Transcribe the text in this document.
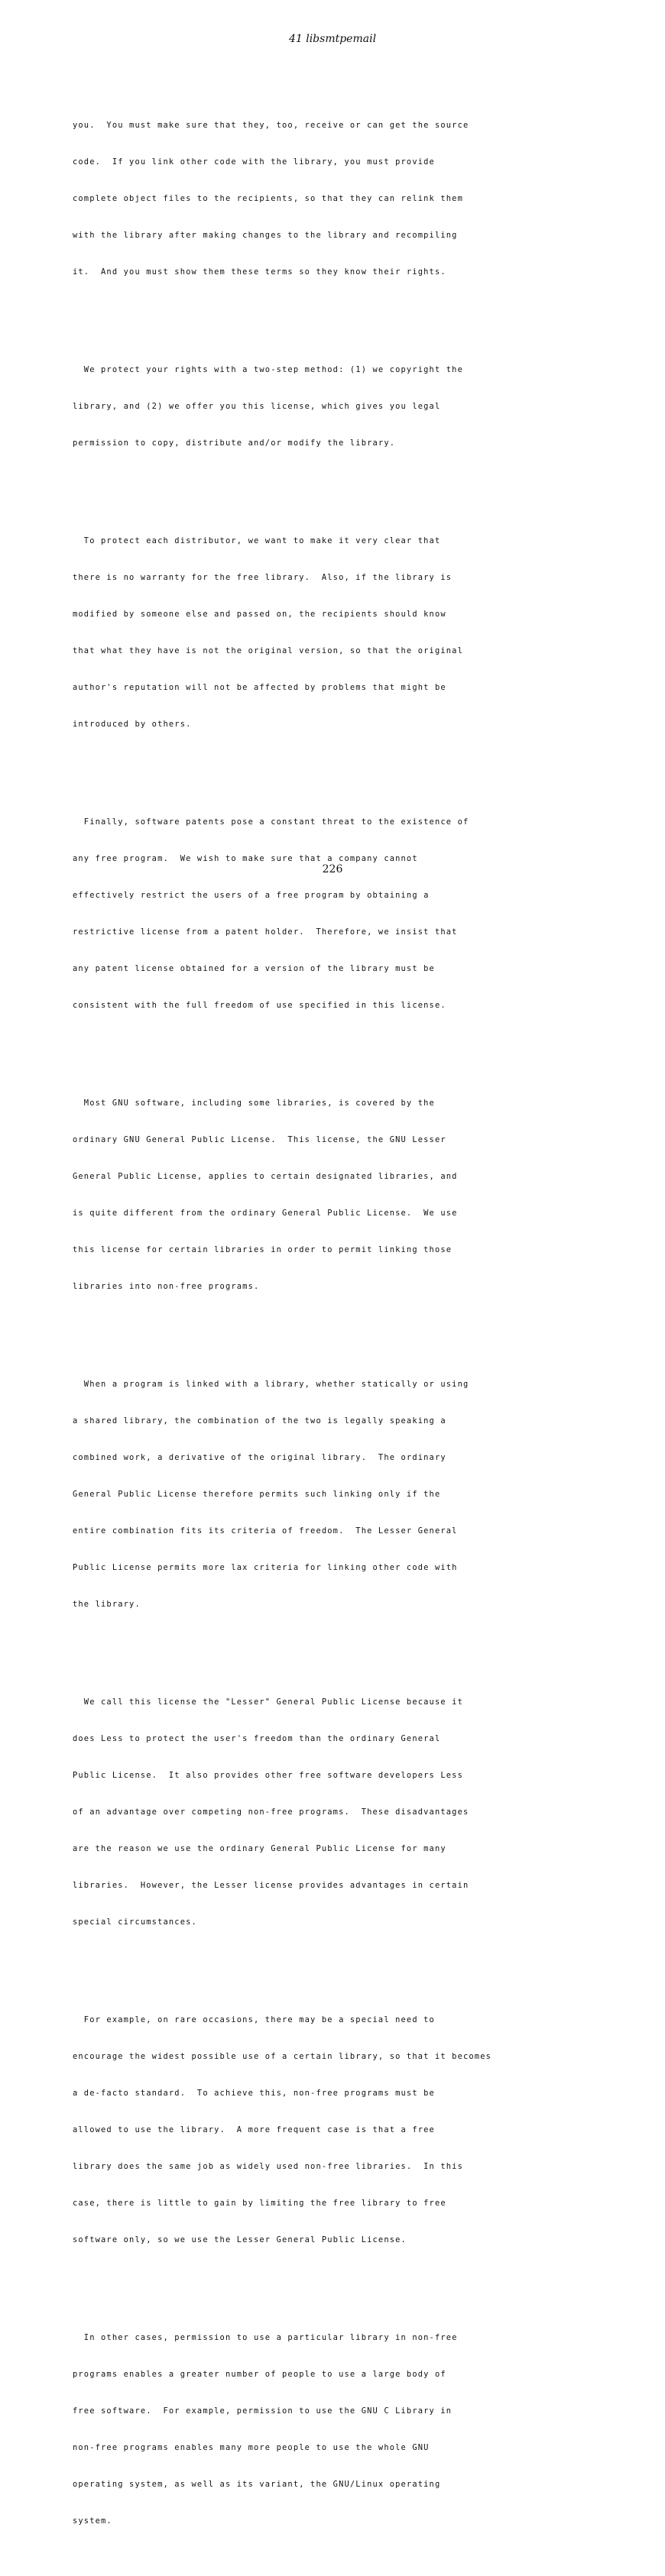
41 libsmtpemail

you.  You must make sure that they, too, receive or can get the source

code.  If you link other code with the library, you must provide

complete object files to the recipients, so that they can relink them

with the library after making changes to the library and recompiling

it.  And you must show them these terms so they know their rights.

We protect your rights with a two-step method: (1) we copyright the

library, and (2) we offer you this license, which gives you legal

permission to copy, distribute and/or modify the library.

To protect each distributor, we want to make it very clear that

there is no warranty for the free library.  Also, if the library is

modified by someone else and passed on, the recipients should know

that what they have is not the original version, so that the original

author's reputation will not be affected by problems that might be

introduced by others.

Finally, software patents pose a constant threat to the existence of

any free program.  We wish to make sure that a company cannot

effectively restrict the users of a free program by obtaining a

restrictive license from a patent holder.  Therefore, we insist that

any patent license obtained for a version of the library must be

consistent with the full freedom of use specified in this license.

Most GNU software, including some libraries, is covered by the

ordinary GNU General Public License.  This license, the GNU Lesser

General Public License, applies to certain designated libraries, and

is quite different from the ordinary General Public License.  We use

this license for certain libraries in order to permit linking those

libraries into non-free programs.

When a program is linked with a library, whether statically or using

a shared library, the combination of the two is legally speaking a

combined work, a derivative of the original library.  The ordinary

General Public License therefore permits such linking only if the

entire combination fits its criteria of freedom.  The Lesser General

Public License permits more lax criteria for linking other code with

the library.

We call this license the "Lesser" General Public License because it

does Less to protect the user's freedom than the ordinary General

Public License.  It also provides other free software developers Less

of an advantage over competing non-free programs.  These disadvantages

are the reason we use the ordinary General Public License for many

libraries.  However, the Lesser license provides advantages in certain

special circumstances.

For example, on rare occasions, there may be a special need to

encourage the widest possible use of a certain library, so that it becomes

a de-facto standard.  To achieve this, non-free programs must be

allowed to use the library.  A more frequent case is that a free

library does the same job as widely used non-free libraries.  In this

case, there is little to gain by limiting the free library to free

software only, so we use the Lesser General Public License.

In other cases, permission to use a particular library in non-free

programs enables a greater number of people to use a large body of

free software.  For example, permission to use the GNU C Library in

non-free programs enables many more people to use the whole GNU

operating system, as well as its variant, the GNU/Linux operating

system.

226
